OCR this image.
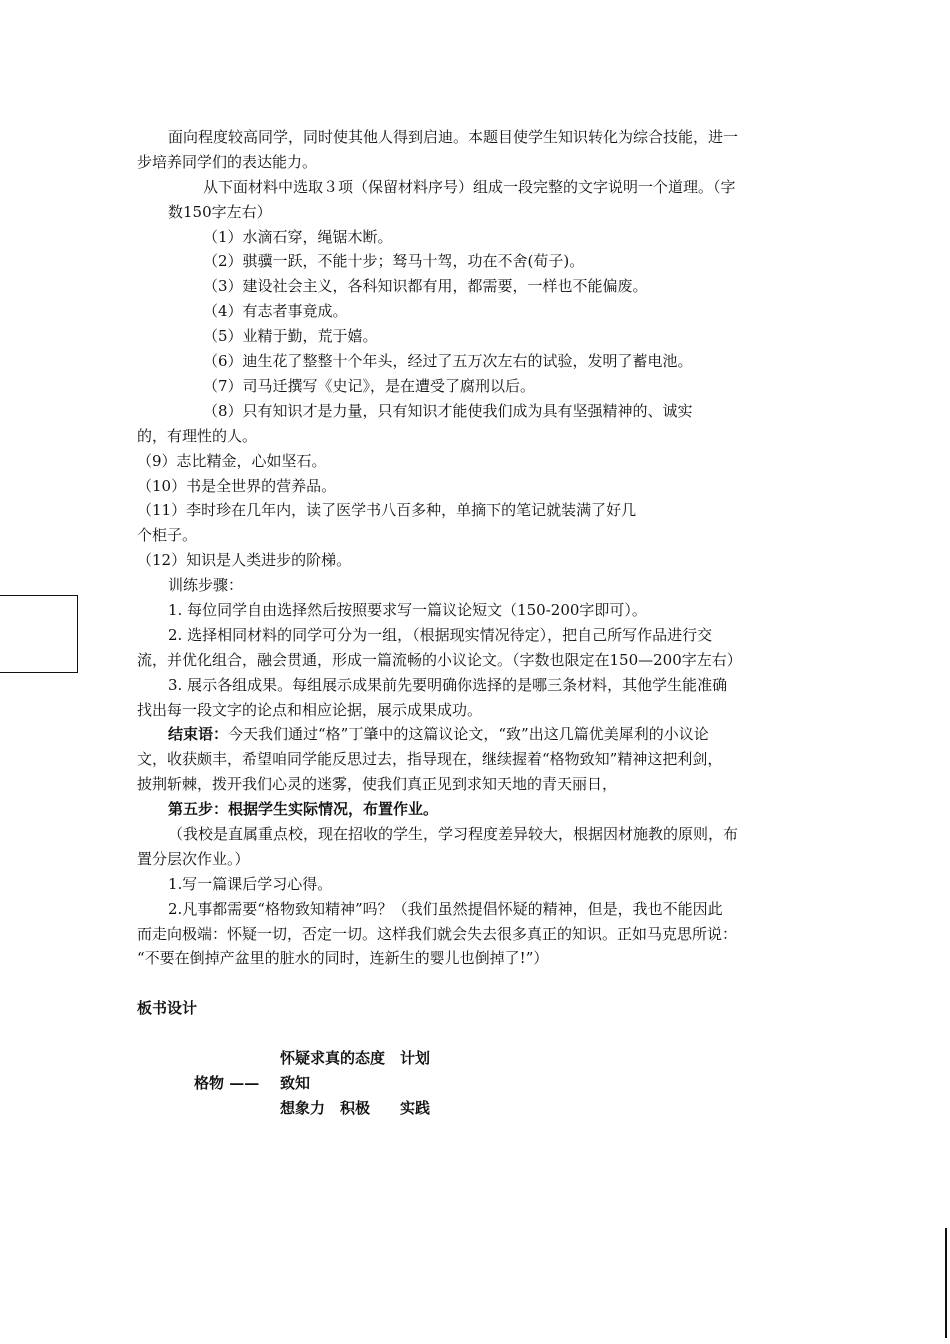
面向程度较高同学，同时使其他人得到启迪。本题目使学生知识转化为综合技能，进一
步培养同学们的表达能力。
从下面材料中选取３项（保留材料序号）组成一段完整的文字说明一个道理。（字
数150字左右）
（1）水滴石穿，绳锯木断。
（2）骐骥一跃，不能十步；驽马十驾，功在不舍(荀子)。
（3）建设社会主义，各科知识都有用，都需要，一样也不能偏废。
（4）有志者事竟成。
（5）业精于勤，荒于嬉。
（6）迪生花了整整十个年头，经过了五万次左右的试验，发明了蓄电池。
（7）司马迁撰写《史记》，是在遭受了腐刑以后。
（8）只有知识才是力量，只有知识才能使我们成为具有坚强精神的、诚实
的，有理性的人。
（9）志比精金，心如坚石。
（10）书是全世界的营养品。
（11）李时珍在几年内，读了医学书八百多种，单摘下的笔记就装满了好几
个柜子。
（12）知识是人类进步的阶梯。
训练步骤：
1. 每位同学自由选择然后按照要求写一篇议论短文（150-200字即可）。
2. 选择相同材料的同学可分为一组，（根据现实情况待定），把自己所写作品进行交
流，并优化组合，融会贯通，形成一篇流畅的小议论文。（字数也限定在150—200字左右）
3. 展示各组成果。每组展示成果前先要明确你选择的是哪三条材料，其他学生能准确
找出每一段文字的论点和相应论据，展示成果成功。
结束语：今天我们通过“格”丁肇中的这篇议论文，“致”出这几篇优美犀利的小议论
文，收获颇丰，希望咱同学能反思过去，指导现在，继续握着“格物致知”精神这把利剑，
披荆斩棘，拨开我们心灵的迷雾，使我们真正见到求知天地的青天丽日，
第五步：根据学生实际情况，布置作业。
（我校是直属重点校，现在招收的学生，学习程度差异较大，根据因材施教的原则，布
置分层次作业。）
1.写一篇课后学习心得。
2.凡事都需要“格物致知精神”吗？（我们虽然提倡怀疑的精神，但是，我也不能因此
而走向极端：怀疑一切，否定一切。这样我们就会失去很多真正的知识。正如马克思所说：
“不要在倒掉产盆里的脏水的同时，连新生的婴儿也倒掉了!”）
板书设计
怀疑求真的态度　计划
格物 —— 致知
想象力　积极　　实践
